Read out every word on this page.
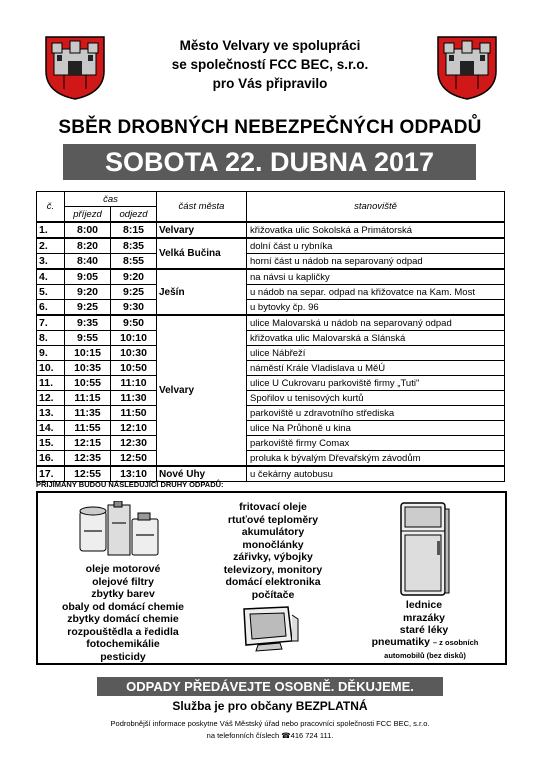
Město Velvary ve spolupráci
se společností FCC BEC, s.r.o.
pro Vás připravilo
SBĚR DROBNÝCH NEBEZPEČNÝCH ODPADŮ
SOBOTA 22. DUBNA 2017
č.	čas		část města	stanoviště
	příjezd	odjezd		
1.	8:00	8:15	Velvary	křižovatka ulic Sokolská a Primátorská
2.	8:20	8:35	Velká Bučina	dolní část u rybníka
3.	8:40	8:55		horní část u nádob na separovaný odpad
4.	9:05	9:20	Ješín	na návsi u kapličky
5.	9:20	9:25		u nádob na separ. odpad na křižovatce na Kam. Most
6.	9:25	9:30		u bytovky čp. 96
7.	9:35	9:50	Velvary	ulice Malovarská u nádob na separovaný odpad
8.	9:55	10:10		křižovatka ulic Malovarská a Slánská
9.	10:15	10:30		ulice Nábřeží
10.	10:35	10:50		náměstí Krále Vladislava u MěÚ
11.	10:55	11:10		ulice U Cukrovaru parkoviště firmy „Tuti"
12.	11:15	11:30		Spořilov u tenisových kurtů
13.	11:35	11:50		parkoviště u zdravotního střediska
14.	11:55	12:10		ulice Na Průhoně u kina
15.	12:15	12:30		parkoviště firmy Comax
16.	12:35	12:50		proluka k bývalým Dřevařským závodům
17.	12:55	13:10	Nové Uhy	u čekárny autobusu
PŘIJÍMÁNY BUDOU NÁSLEDUJÍCÍ DRUHY ODPADŮ:
oleje motorové
olejové filtry
zbytky barev
obaly od domácí chemie
zbytky domácí chemie
rozpouštědla a ředidla
fotochemikálie
pesticidy
fritovací oleje
rtuťové teploměry
akumulátory
monočlánky
zářivky, výbojky
televizory, monitory
domácí elektronika
počítače
lednice
mrazáky
staré léky
pneumatiky – z osobních
automobilů (bez disků)
ODPADY PŘEDÁVEJTE OSOBNĚ. DĚKUJEME.
Služba je pro občany BEZPLATNÁ
Podrobnější informace poskytne Váš Městský úřad nebo pracovníci společnosti FCC BEC, s.r.o.
na telefonních číslech ☎416 724 111.
